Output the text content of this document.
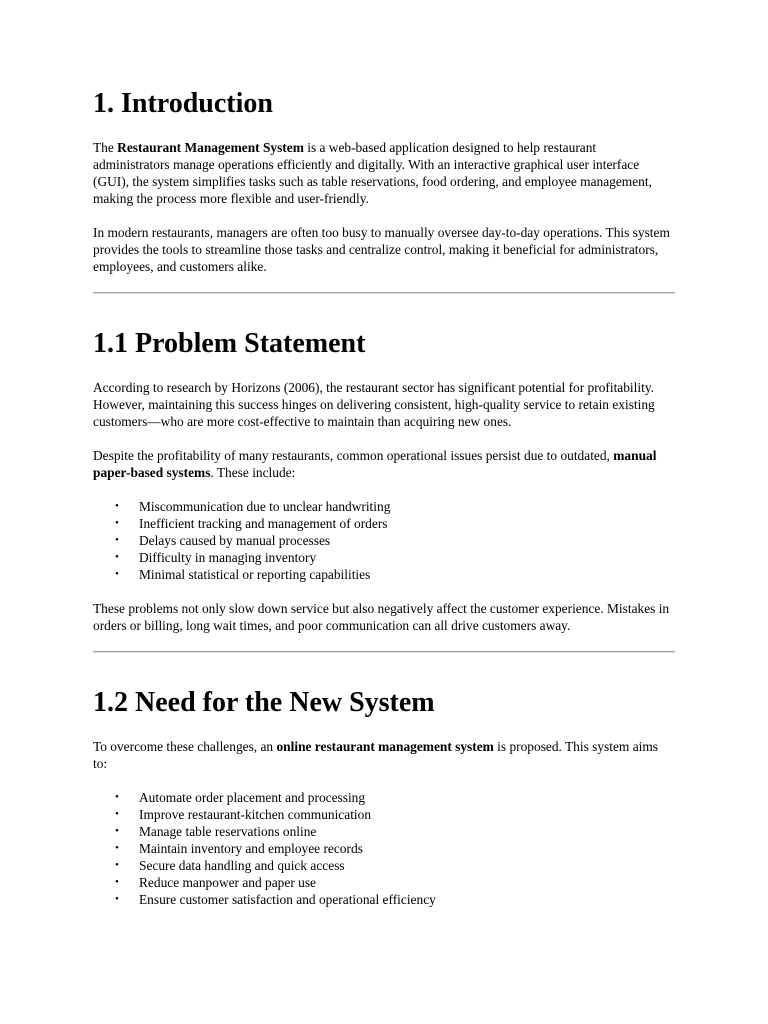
1. Introduction

The Restaurant Management System is a web-based application designed to help restaurant administrators manage operations efficiently and digitally. With an interactive graphical user interface (GUI), the system simplifies tasks such as table reservations, food ordering, and employee management, making the process more flexible and user-friendly.

In modern restaurants, managers are often too busy to manually oversee day-to-day operations. This system provides the tools to streamline those tasks and centralize control, making it beneficial for administrators, employees, and customers alike.

1.1 Problem Statement

According to research by Horizons (2006), the restaurant sector has significant potential for profitability. However, maintaining this success hinges on delivering consistent, high-quality service to retain existing customers—who are more cost-effective to maintain than acquiring new ones.

Despite the profitability of many restaurants, common operational issues persist due to outdated, manual paper-based systems. These include:

• Miscommunication due to unclear handwriting
• Inefficient tracking and management of orders
• Delays caused by manual processes
• Difficulty in managing inventory
• Minimal statistical or reporting capabilities

These problems not only slow down service but also negatively affect the customer experience. Mistakes in orders or billing, long wait times, and poor communication can all drive customers away.

1.2 Need for the New System

To overcome these challenges, an online restaurant management system is proposed. This system aims to:

• Automate order placement and processing
• Improve restaurant-kitchen communication
• Manage table reservations online
• Maintain inventory and employee records
• Secure data handling and quick access
• Reduce manpower and paper use
• Ensure customer satisfaction and operational efficiency
